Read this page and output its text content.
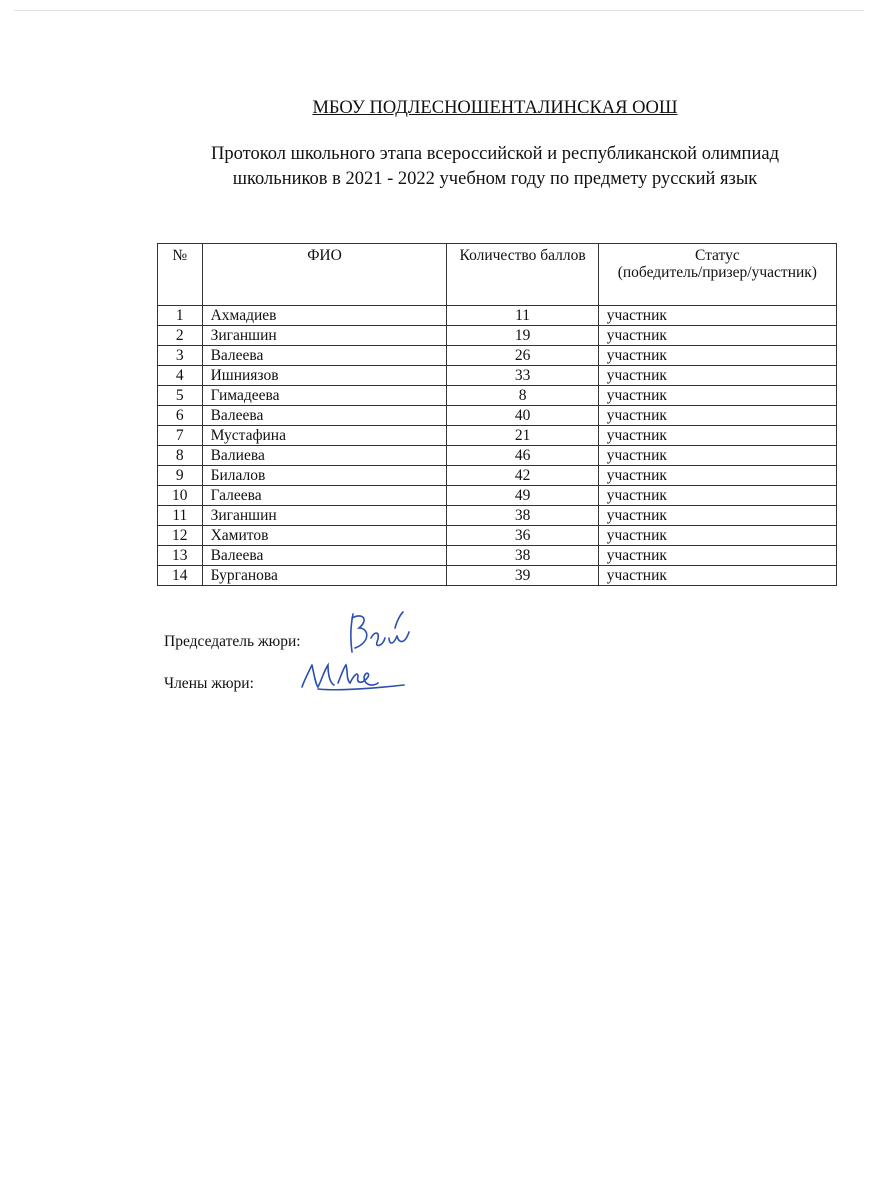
МБОУ ПОДЛЕСНОШЕНТАЛИНСКАЯ ООШ
Протокол школьного этапа всероссийской и республиканской олимпиад
школьников в 2021 - 2022 учебном году по предмету русский язык
№	ФИО	Количество баллов	Статус
(победитель/призер/участник)

1	Ахмадиев	11	участник
2	Зиганшин	19	участник
3	Валеева	26	участник
4	Ишниязов	33	участник
5	Гимадеева	8	участник
6	Валеева	40	участник
7	Мустафина	21	участник
8	Валиева	46	участник
9	Билалов	42	участник
10	Галеева	49	участник
11	Зиганшин	38	участник
12	Хамитов	36	участник
13	Валеева	38	участник
14	Бурганова	39	участник
Председатель жюри:
Члены жюри:
